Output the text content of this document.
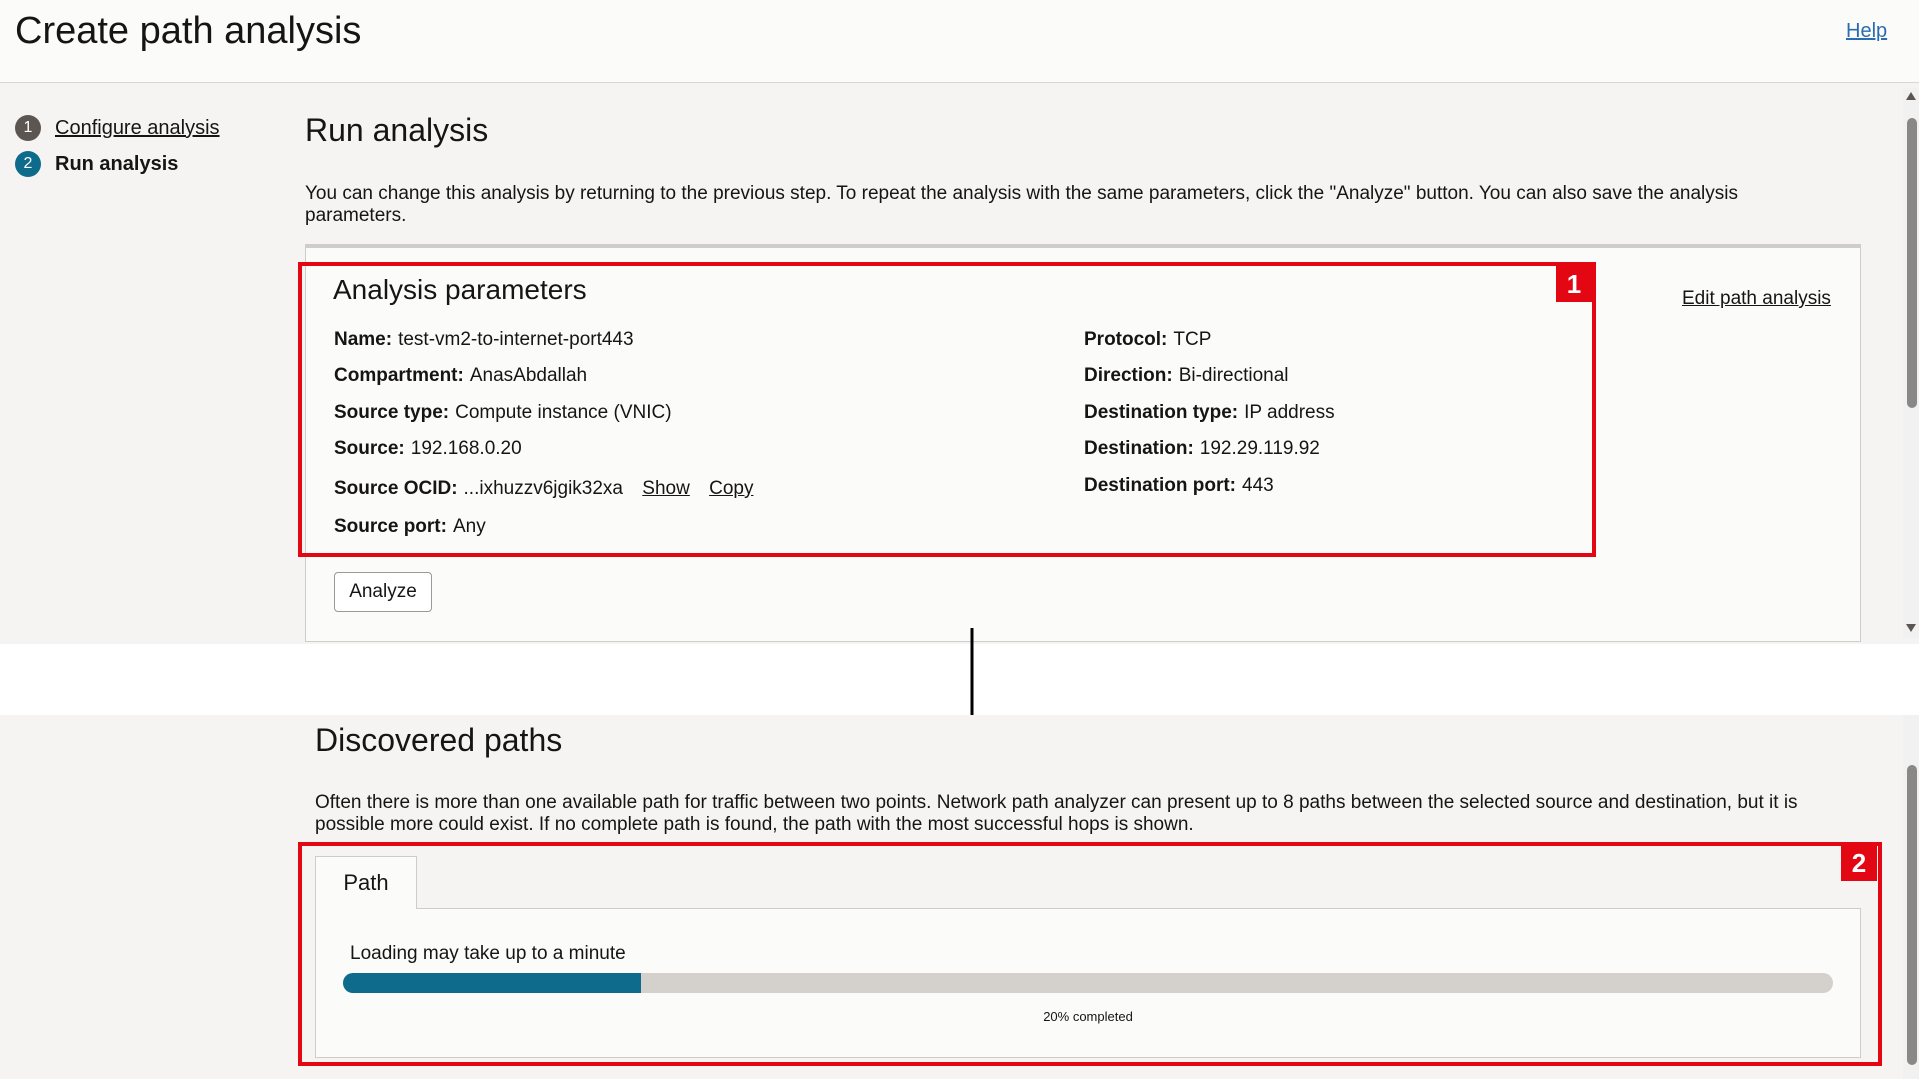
Create path analysis	Help
1	Configure analysis
2	Run analysis
Run analysis
You can change this analysis by returning to the previous step. To repeat the analysis with the same parameters, click the "Analyze" button. You can also save the analysis parameters.
Analysis parameters	Edit path analysis
Name: test-vm2-to-internet-port443
Compartment: AnasAbdallah
Source type: Compute instance (VNIC)
Source: 192.168.0.20
Source OCID: ...ixhuzzv6jgik32xa Show Copy
Source port: Any
Protocol: TCP
Direction: Bi-directional
Destination type: IP address
Destination: 192.29.119.92
Destination port: 443
Analyze
1
Discovered paths
Often there is more than one available path for traffic between two points. Network path analyzer can present up to 8 paths between the selected source and destination, but it is possible more could exist. If no complete path is found, the path with the most successful hops is shown.
Path
Loading may take up to a minute
20% completed
2
